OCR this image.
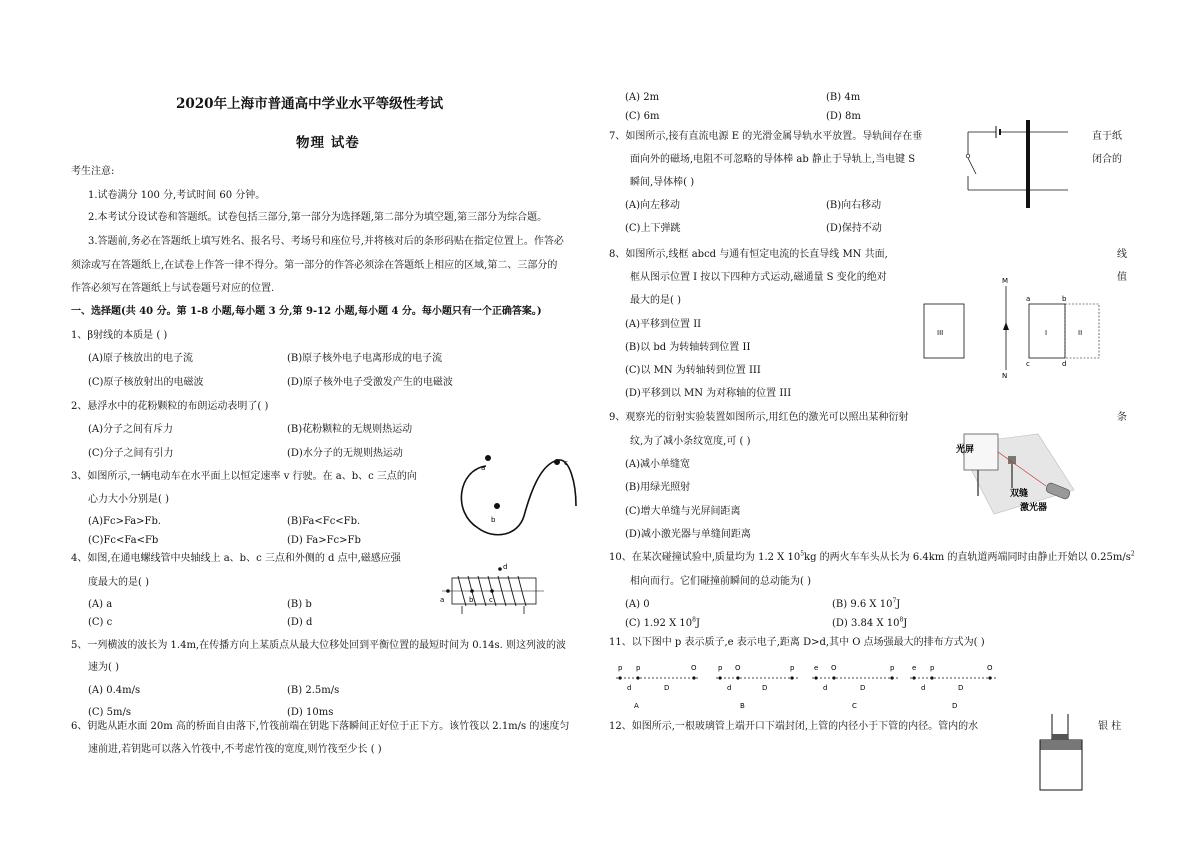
2020年上海市普通高中学业水平等级性考试
物理 试卷
考生注意:
1.试卷满分 100 分,考试时间 60 分钟。
2.本考试分设试卷和答题纸。试卷包括三部分,第一部分为选择题,第二部分为填空题,第三部分为综合题。
3.答题前,务必在答题纸上填写姓名、报名号、考场号和座位号,并将核对后的条形码贴在指定位置上。作答必
须涂或写在答题纸上,在试卷上作答一律不得分。第一部分的作答必须涂在答题纸上相应的区域,第二、三部分的
作答必须写在答题纸上与试卷题号对应的位置.
一、选择题(共 40 分。第 1-8 小题,每小题 3 分,第 9-12 小题,每小题 4 分。每小题只有一个正确答案。)
1、β射线的本质是 ( )
(A)原子核放出的电子流	(B)原子核外电子电离形成的电子流
(C)原子核放射出的电磁波	(D)原子核外电子受激发产生的电磁波
2、悬浮水中的花粉颗粒的布朗运动表明了( )
(A)分子之间有斥力	(B)花粉颗粒的无规则热运动
(C)分子之间有引力	(D)水分子的无规则热运动
3、如图所示,一辆电动车在水平面上以恒定速率 v 行驶。在 a、b、c 三点的向
心力大小分别是( )
(A)Fc>Fa>Fb.	(B)Fa<Fc<Fb.
(C)Fc<Fa<Fb	(D) Fa>Fc>Fb
a
b
c
4、如图,在通电螺线管中央轴线上 a、b、c 三点和外侧的 d 点中,磁感应强
度最大的是( )
(A) a	(B) b
(C) c	(D) d
a	b c
d
5、一列横波的波长为 1.4m,在传播方向上某质点从最大位移处回到平衡位置的最短时间为 0.14s. 则这列波的波
速为( )
(A) 0.4m/s	(B) 2.5m/s
(C) 5m/s	(D) 10ms
6、钥匙从距水面 20m 高的桥面自由落下,竹筏前端在钥匙下落瞬间正好位于正下方。该竹筏以 2.1m/s 的速度匀
速前进,若钥匙可以落入竹筏中,不考虑竹筏的宽度,则竹筏至少长 ( )
(A) 2m	(B) 4m
(C) 6m	(D) 8m
7、如图所示,接有直流电源 E 的光滑金属导轨水平放置。导轨间存在垂	直于纸
面向外的磁场,电阻不可忽略的导体棒 ab 静止于导轨上,当电键 S	闭合的
瞬间,导体棒( )
(A)向左移动	(B)向右移动
(C)上下弹跳	(D)保持不动
8、如图所示,线框 abcd 与通有恒定电流的长直导线 MN 共面,	线
框从图示位置 I 按以下四种方式运动,磁通量 S 变化的绝对	值
最大的是( )
(A)平移到位置 II
(B)以 bd 为转轴转到位置 II
(C)以 MN 为转轴转到位置 III
(D)平移到以 MN 为对称轴的位置 III
III
M
N
a	b
c	d
I	II
9、观察光的衍射实验装置如图所示,用红色的激光可以照出某种衍射	条
纹,为了减小条纹宽度,可 ( )
(A)减小单缝宽
(B)用绿光照射
(C)增大单缝与光屏间距离
(D)减小激光器与单缝间距离
光屏
双缝
激光器
10、在某次碰撞试验中,质量均为 1.2 X $10^5kg$ 的两火车车头从长为 6.4km 的直轨道两端同时由静止开始以 $0.25m/s^2$
相向而行。它们碰撞前瞬间的总动能为( )
(A) 0	(B) 9.6 X $10^7J$
(C) 1.92 X $10^8J$	(D) 3.84 X $10^8J$
11、以下图中 p 表示质子,e 表示电子,距离 D>d,其中 O 点场强最大的排布方式为( )
p p	O
d	D
A
p O	p
d	D
B
e O	p
d	D
C
e p	O
d	D
D
12、如图所示,一根玻璃管上端开口下端封闭,上管的内径小于下管的内径。管内的水	银 柱
